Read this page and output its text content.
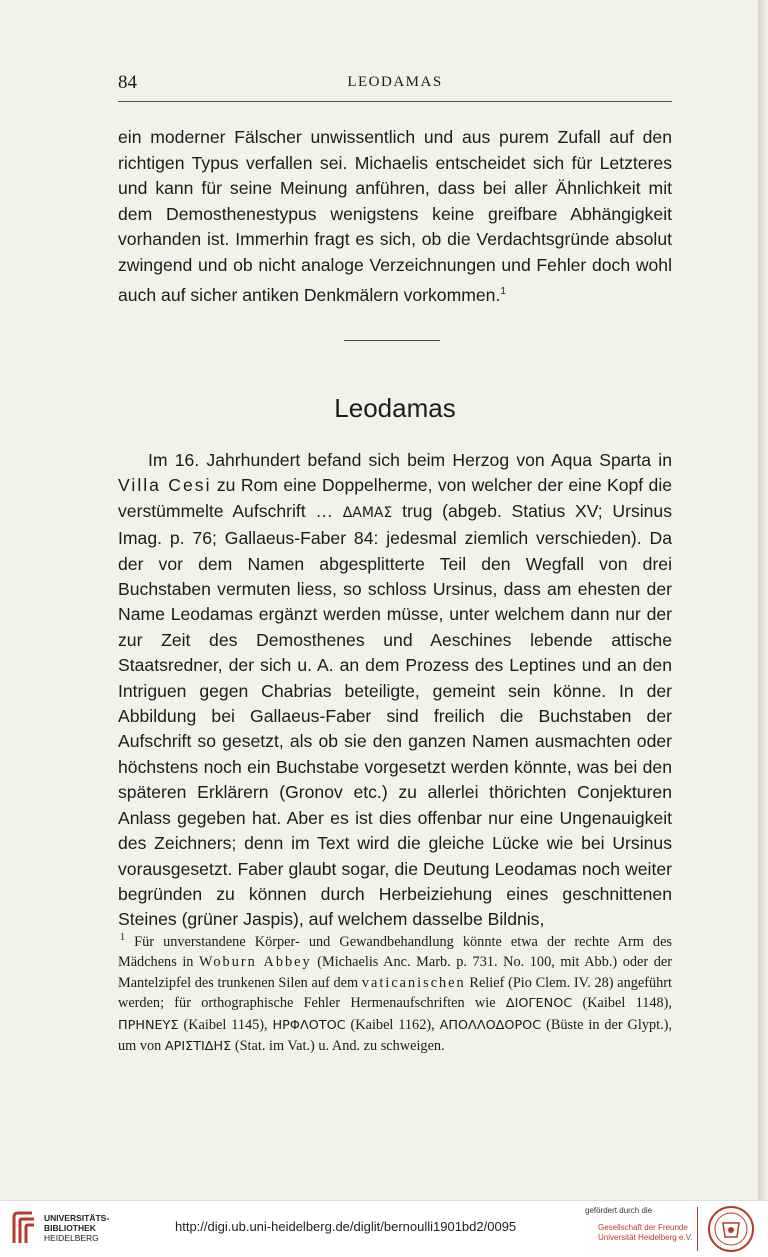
84	LEODAMAS

ein moderner Fälscher unwissentlich und aus purem Zufall auf den richtigen Typus verfallen sei. Michaelis entscheidet sich für Letzteres und kann für seine Meinung anführen, dass bei aller Ähnlichkeit mit dem Demosthenestypus wenigstens keine greifbare Abhängigkeit vorhanden ist. Immerhin fragt es sich, ob die Verdachtsgründe absolut zwingend und ob nicht analoge Verzeichnungen und Fehler doch wohl auch auf sicher antiken Denkmälern vorkommen.$^1$

Leodamas

Im 16. Jahrhundert befand sich beim Herzog von Aqua Sparta in Villa Cesi zu Rom eine Doppelherme, von welcher der eine Kopf die verstümmelte Aufschrift … ΔΑΜΑΣ trug (abgeb. Statius XV; Ursinus Imag. p. 76; Gallaeus-Faber 84: jedesmal ziemlich verschieden). Da der vor dem Namen abgesplitterte Teil den Wegfall von drei Buchstaben vermuten liess, so schloss Ursinus, dass am ehesten der Name Leodamas ergänzt werden müsse, unter welchem dann nur der zur Zeit des Demosthenes und Aeschines lebende attische Staatsredner, der sich u. A. an dem Prozess des Leptines und an den Intriguen gegen Chabrias beteiligte, gemeint sein könne. In der Abbildung bei Gallaeus-Faber sind freilich die Buchstaben der Aufschrift so gesetzt, als ob sie den ganzen Namen ausmachten oder höchstens noch ein Buchstabe vorgesetzt werden könnte, was bei den späteren Erklärern (Gronov etc.) zu allerlei thörichten Conjekturen Anlass gegeben hat. Aber es ist dies offenbar nur eine Ungenauigkeit des Zeichners; denn im Text wird die gleiche Lücke wie bei Ursinus vorausgesetzt. Faber glaubt sogar, die Deutung Leodamas noch weiter begründen zu können durch Herbeiziehung eines geschnittenen Steines (grüner Jaspis), auf welchem dasselbe Bildnis,

$^1$ Für unverstandene Körper- und Gewandbehandlung könnte etwa der rechte Arm des Mädchens in Woburn Abbey (Michaelis Anc. Marb. p. 731. No. 100, mit Abb.) oder der Mantelzipfel des trunkenen Silen auf dem vaticanischen Relief (Pio Clem. IV. 28) angeführt werden; für orthographische Fehler Hermenaufschriften wie ΔΙΟΓΕΝΟϹ (Kaibel 1148), ΠΡΗΝΕΥΣ (Kaibel 1145), ΗΡΦΛΟΤΟϹ (Kaibel 1162), ΑΠΟΛΛΟΔΟΡΟϹ (Büste in der Glypt.), um von ΑΡΙΣΤΙΔΗΣ (Stat. im Vat.) u. And. zu schweigen.

UNIVERSITÄTS-
BIBLIOTHEK
HEIDELBERG
http://digi.ub.uni-heidelberg.de/diglit/bernoulli1901bd2/0095
gefördert durch die
Gesellschaft der Freunde
Universität Heidelberg e.V.
